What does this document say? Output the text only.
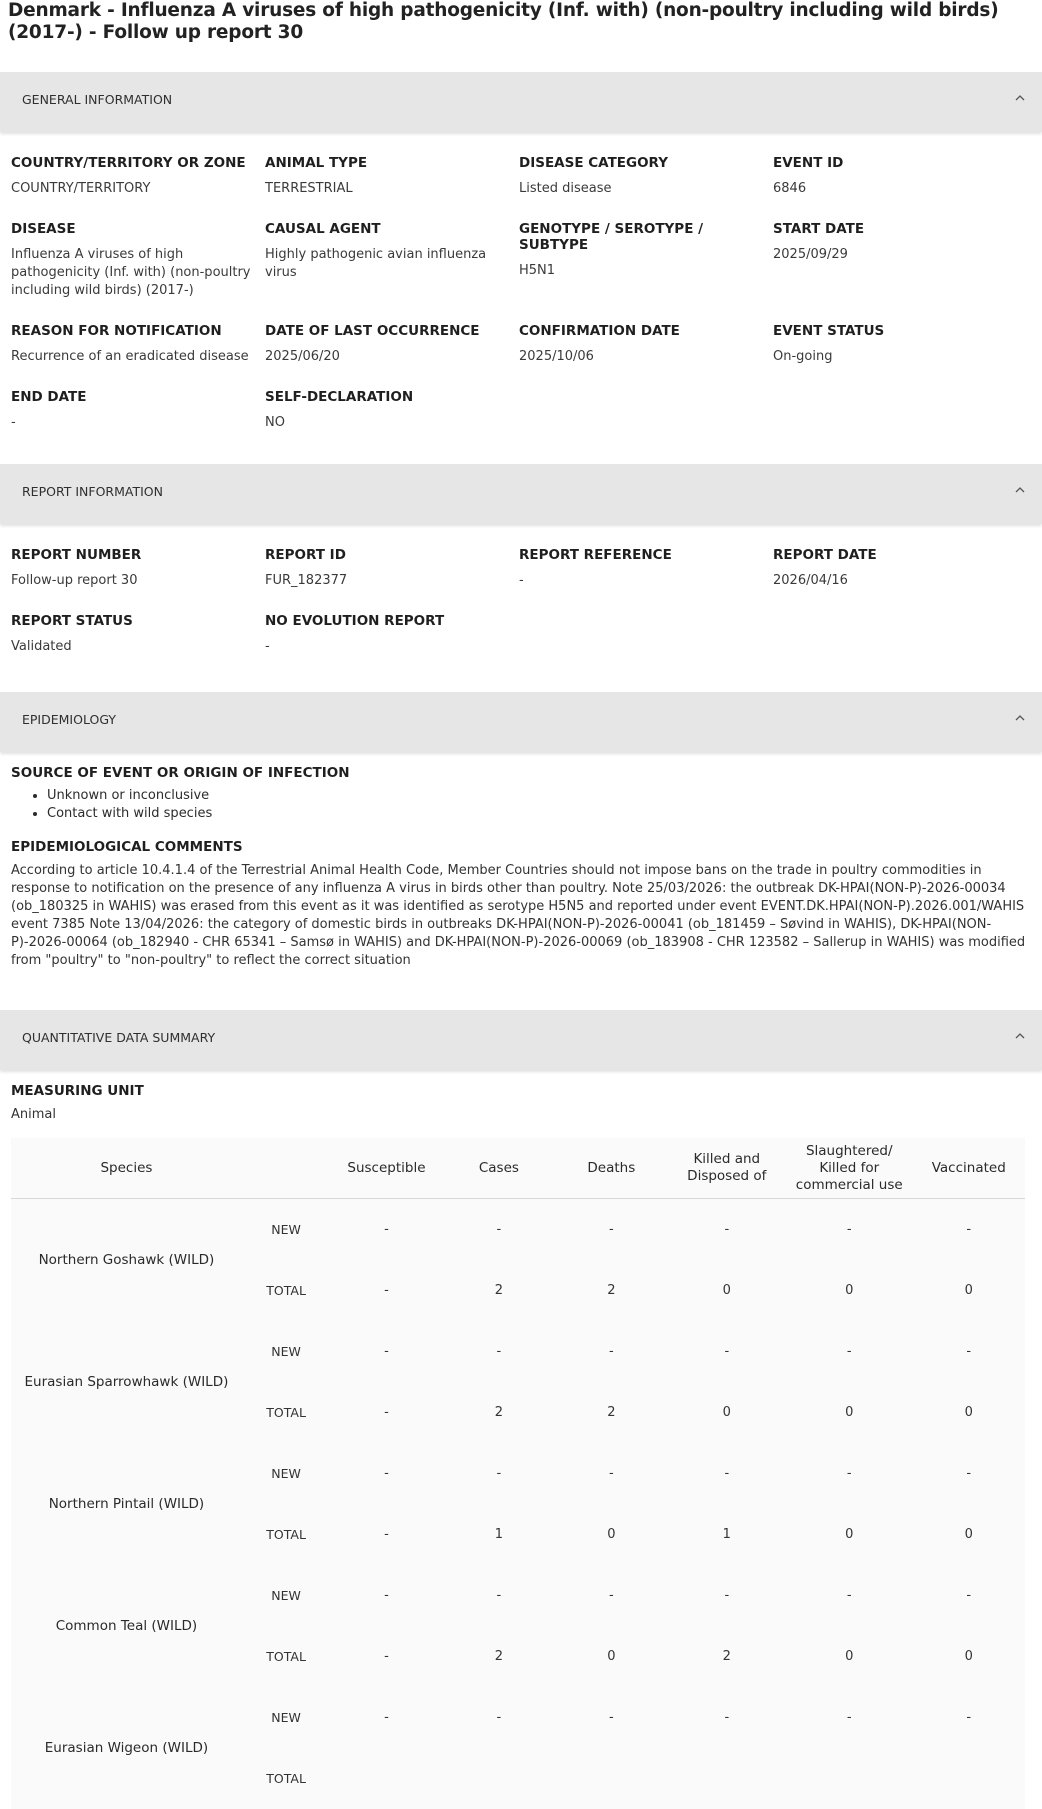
Denmark - Influenza A viruses of high pathogenicity (Inf. with) (non-poultry including wild birds) (2017-) - Follow up report 30
GENERAL INFORMATION
COUNTRY/TERRITORY OR ZONE
COUNTRY/TERRITORY
ANIMAL TYPE
TERRESTRIAL
DISEASE CATEGORY
Listed disease
EVENT ID
6846
DISEASE
Influenza A viruses of high pathogenicity (Inf. with) (non-poultry including wild birds) (2017-)
CAUSAL AGENT
Highly pathogenic avian influenza virus
GENOTYPE / SEROTYPE / SUBTYPE
H5N1
START DATE
2025/09/29
REASON FOR NOTIFICATION
Recurrence of an eradicated disease
DATE OF LAST OCCURRENCE
2025/06/20
CONFIRMATION DATE
2025/10/06
EVENT STATUS
On-going
END DATE
-
SELF-DECLARATION
NO
REPORT INFORMATION
REPORT NUMBER
Follow-up report 30
REPORT ID
FUR_182377
REPORT REFERENCE
-
REPORT DATE
2026/04/16
REPORT STATUS
Validated
NO EVOLUTION REPORT
-
EPIDEMIOLOGY
SOURCE OF EVENT OR ORIGIN OF INFECTION
• Unknown or inconclusive
• Contact with wild species
EPIDEMIOLOGICAL COMMENTS
According to article 10.4.1.4 of the Terrestrial Animal Health Code, Member Countries should not impose bans on the trade in poultry commodities in response to notification on the presence of any influenza A virus in birds other than poultry. Note 25/03/2026: the outbreak DK-HPAI(NON-P)-2026-00034 (ob_180325 in WAHIS) was erased from this event as it was identified as serotype H5N5 and reported under event EVENT.DK.HPAI(NON-P).2026.001/WAHIS event 7385 Note 13/04/2026: the category of domestic birds in outbreaks DK-HPAI(NON-P)-2026-00041 (ob_181459 – Søvind in WAHIS), DK-HPAI(NON-P)-2026-00064 (ob_182940 - CHR 65341 – Samsø in WAHIS) and DK-HPAI(NON-P)-2026-00069 (ob_183908 - CHR 123582 – Sallerup in WAHIS) was modified from "poultry" to "non-poultry" to reflect the correct situation
QUANTITATIVE DATA SUMMARY
MEASURING UNIT
Animal
Species		Susceptible	Cases	Deaths	Killed and Disposed of	Slaughtered/ Killed for commercial use	Vaccinated
Northern Goshawk (WILD)	NEW	-	-	-	-	-	-
	TOTAL	-	2	2	0	0	0
Eurasian Sparrowhawk (WILD)	NEW	-	-	-	-	-	-
	TOTAL	-	2	2	0	0	0
Northern Pintail (WILD)	NEW	-	-	-	-	-	-
	TOTAL	-	1	0	1	0	0
Common Teal (WILD)	NEW	-	-	-	-	-	-
	TOTAL	-	2	0	2	0	0
Eurasian Wigeon (WILD)	NEW	-	-	-	-	-	-
	TOTAL						
